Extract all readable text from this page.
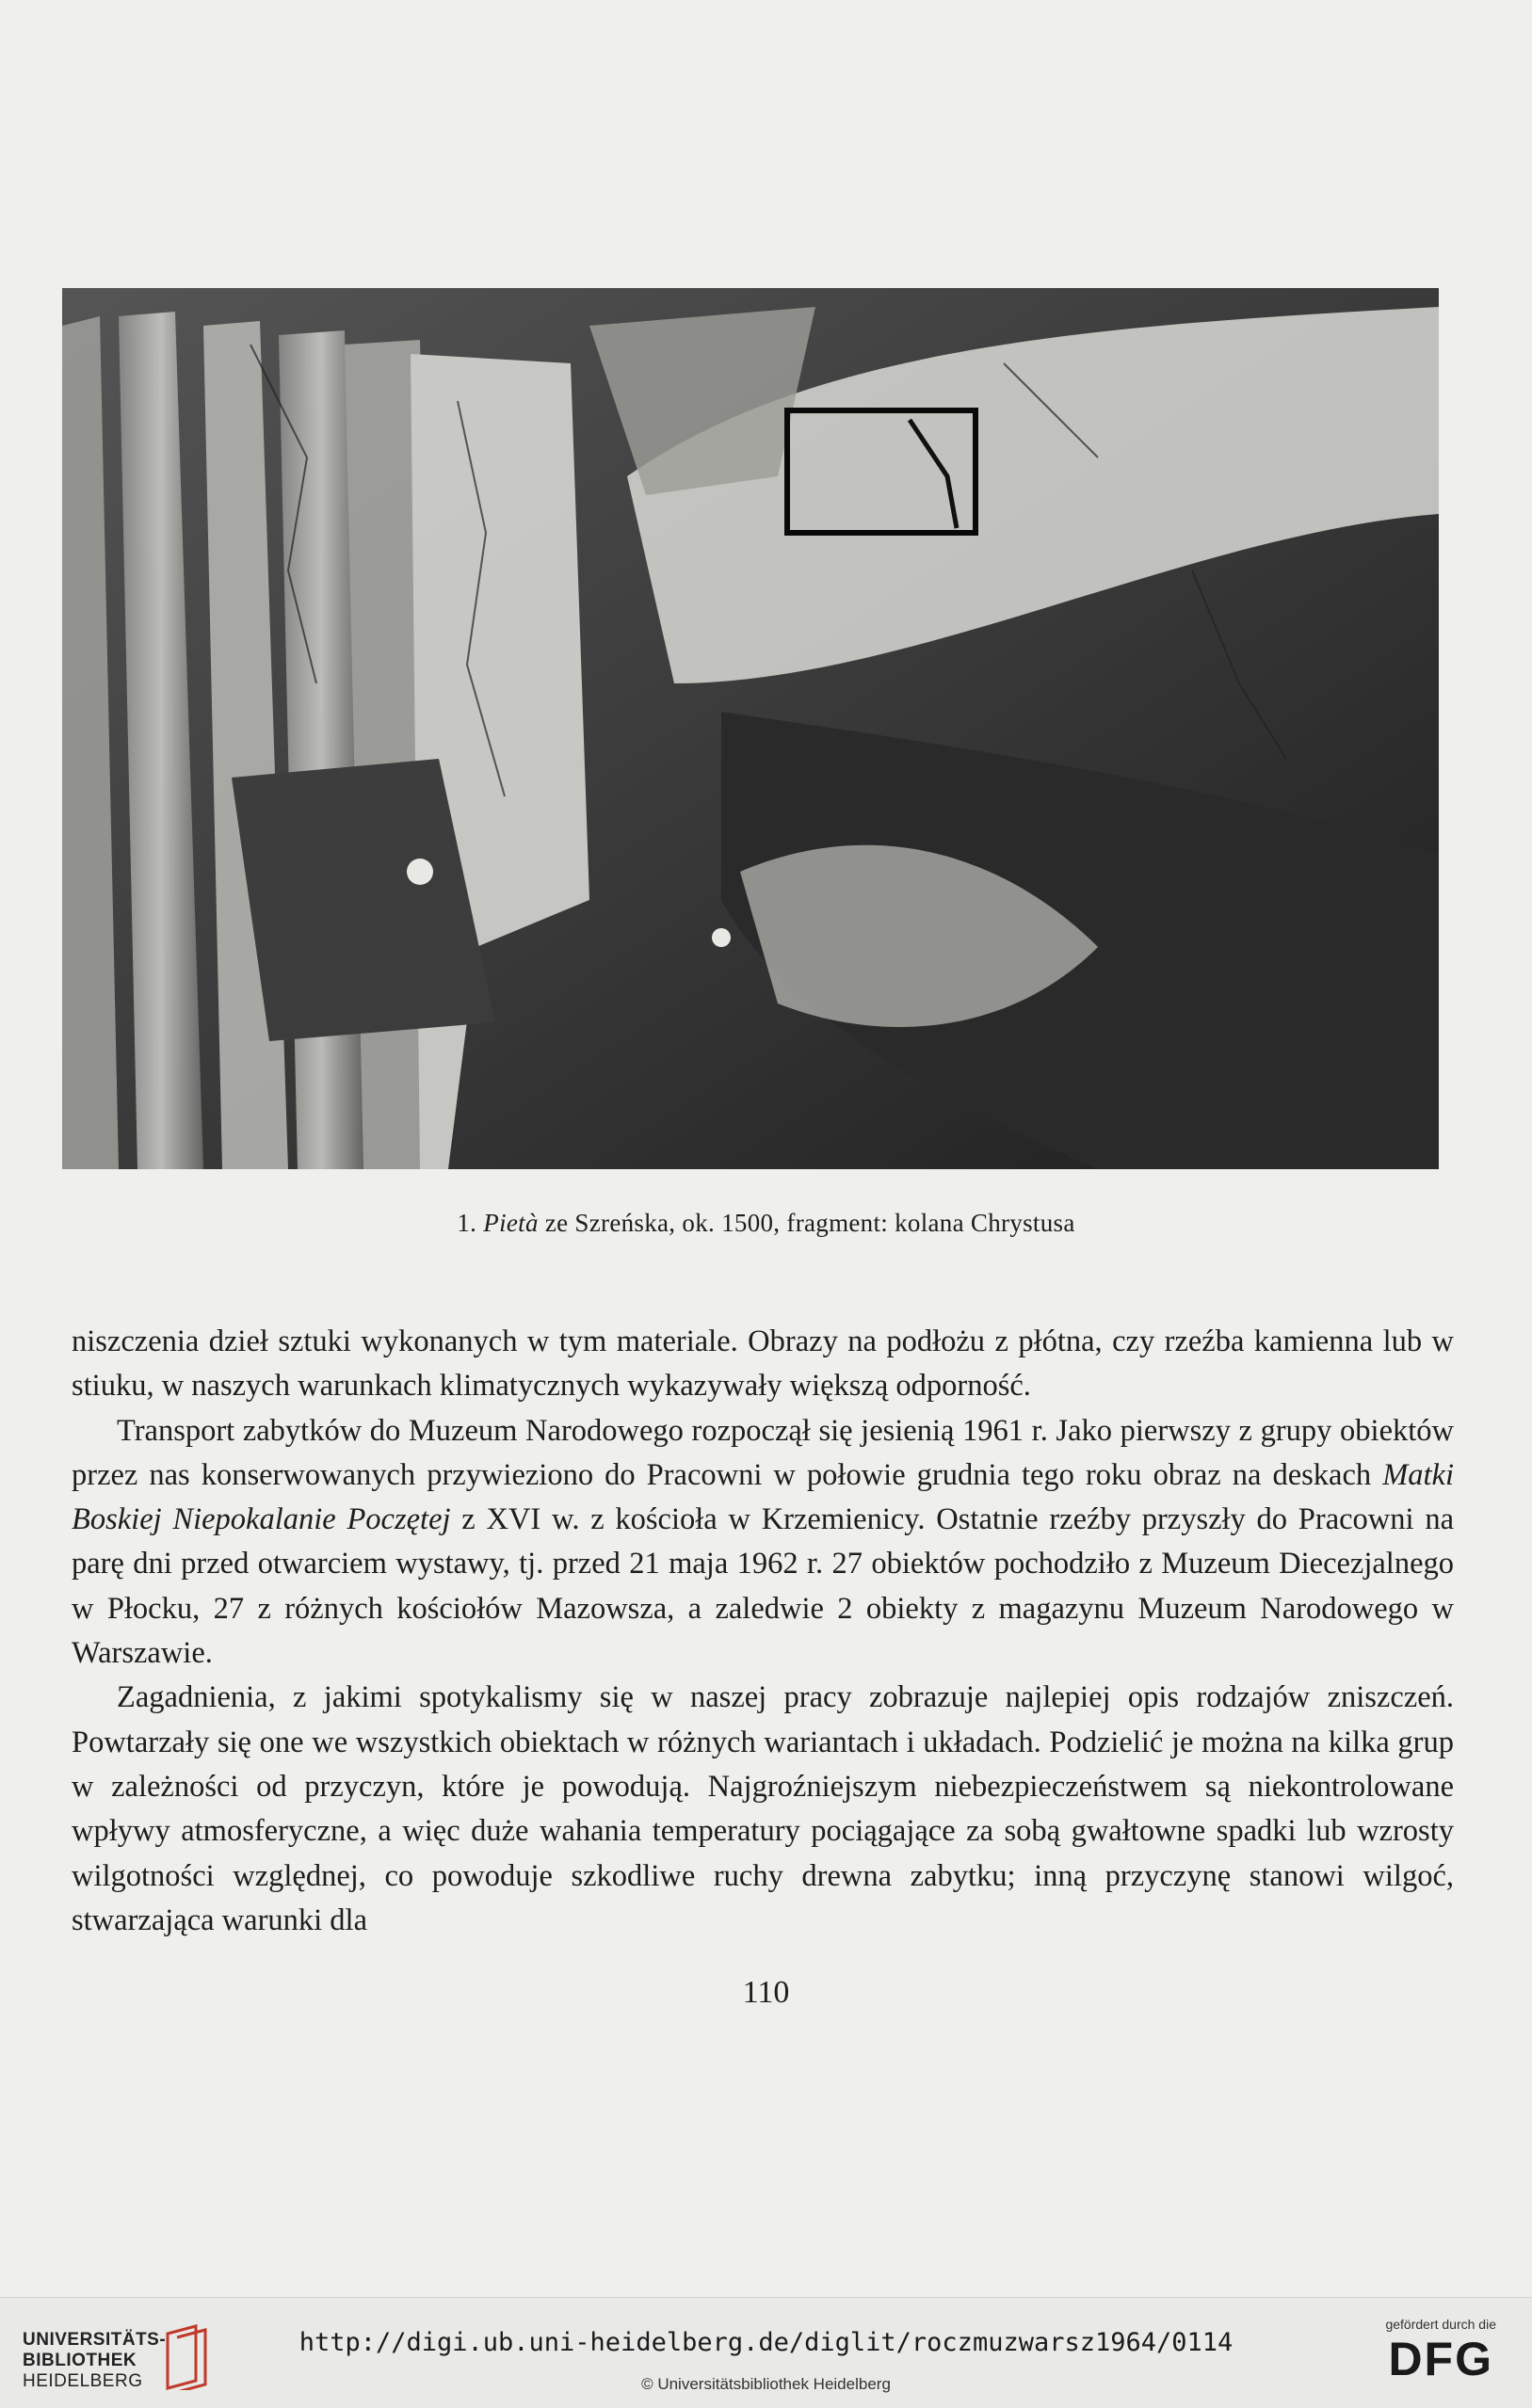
1. Pietà ze Szreńska, ok. 1500, fragment: kolana Chrystusa

niszczenia dzieł sztuki wykonanych w tym materiale. Obrazy na podłożu z płótna, czy rzeźba kamienna lub w stiuku, w naszych warunkach klimatycznych wykazywały większą odporność.

Transport zabytków do Muzeum Narodowego rozpoczął się jesienią 1961 r. Jako pierwszy z grupy obiektów przez nas konserwowanych przywieziono do Pracowni w połowie grudnia tego roku obraz na deskach Matki Boskiej Niepokalanie Poczętej z XVI w. z kościoła w Krzemienicy. Ostatnie rzeźby przyszły do Pracowni na parę dni przed otwarciem wystawy, tj. przed 21 maja 1962 r. 27 obiektów pochodziło z Muzeum Diecezjalnego w Płocku, 27 z różnych kościołów Mazowsza, a zaledwie 2 obiekty z magazynu Muzeum Narodowego w Warszawie.

Zagadnienia, z jakimi spotykalismy się w naszej pracy zobrazuje najlepiej opis rodzajów zniszczeń. Powtarzały się one we wszystkich obiektach w różnych wariantach i układach. Podzielić je można na kilka grup w zależności od przyczyn, które je powodują. Najgroźniejszym niebezpieczeństwem są niekontrolowane wpływy atmosferyczne, a więc duże wahania temperatury pociągające za sobą gwałtowne spadki lub wzrosty wilgotności względnej, co powoduje szkodliwe ruchy drewna zabytku; inną przyczynę stanowi wilgoć, stwarzająca warunki dla

110
UNIVERSITÄTS-
BIBLIOTHEK
HEIDELBERG
http://digi.ub.uni-heidelberg.de/diglit/roczmuzwarsz1964/0114
© Universitätsbibliothek Heidelberg
gefördert durch die
DFG
